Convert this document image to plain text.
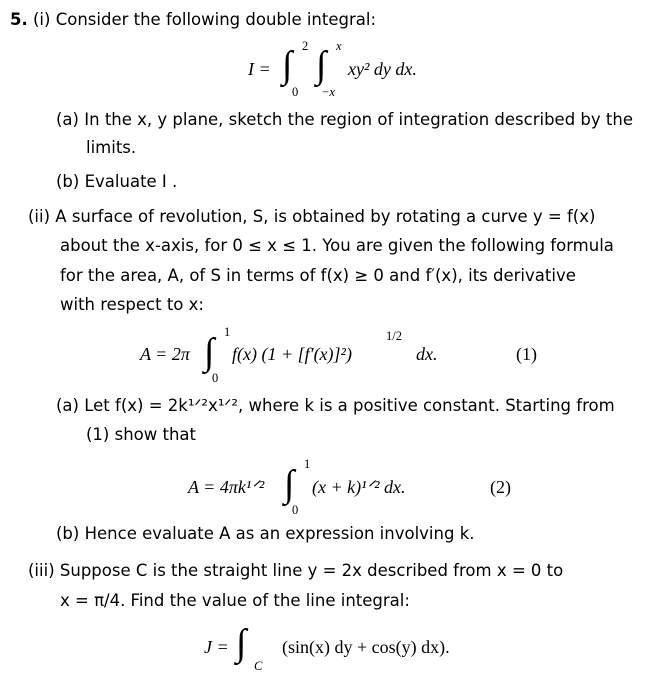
5. (i) Consider the following double integral:
I = ∫ 2
0
∫ x
−x
xy² dy dx.
(a) In the x, y plane, sketch the region of integration described by the
limits.
(b) Evaluate I .
(ii) A surface of revolution, S, is obtained by rotating a curve y = f(x)
about the x-axis, for 0 ≤ x ≤ 1. You are given the following formula
for the area, A, of S in terms of f(x) ≥ 0 and f′(x), its derivative
with respect to x:
A = 2π ∫ 1
0
f(x) (1 + [f′(x)]²)
1/2
dx.	(1)
(a) Let f(x) = 2k¹ᐟ²x¹ᐟ², where k is a positive constant. Starting from
(1) show that
A = 4πk¹ᐟ² ∫ 1
0
(x + k)¹ᐟ² dx.	(2)
(b) Hence evaluate A as an expression involving k.
(iii) Suppose C is the straight line y = 2x described from x = 0 to
x = π/4. Find the value of the line integral:
J = ∫
C
(sin(x) dy + cos(y) dx).
